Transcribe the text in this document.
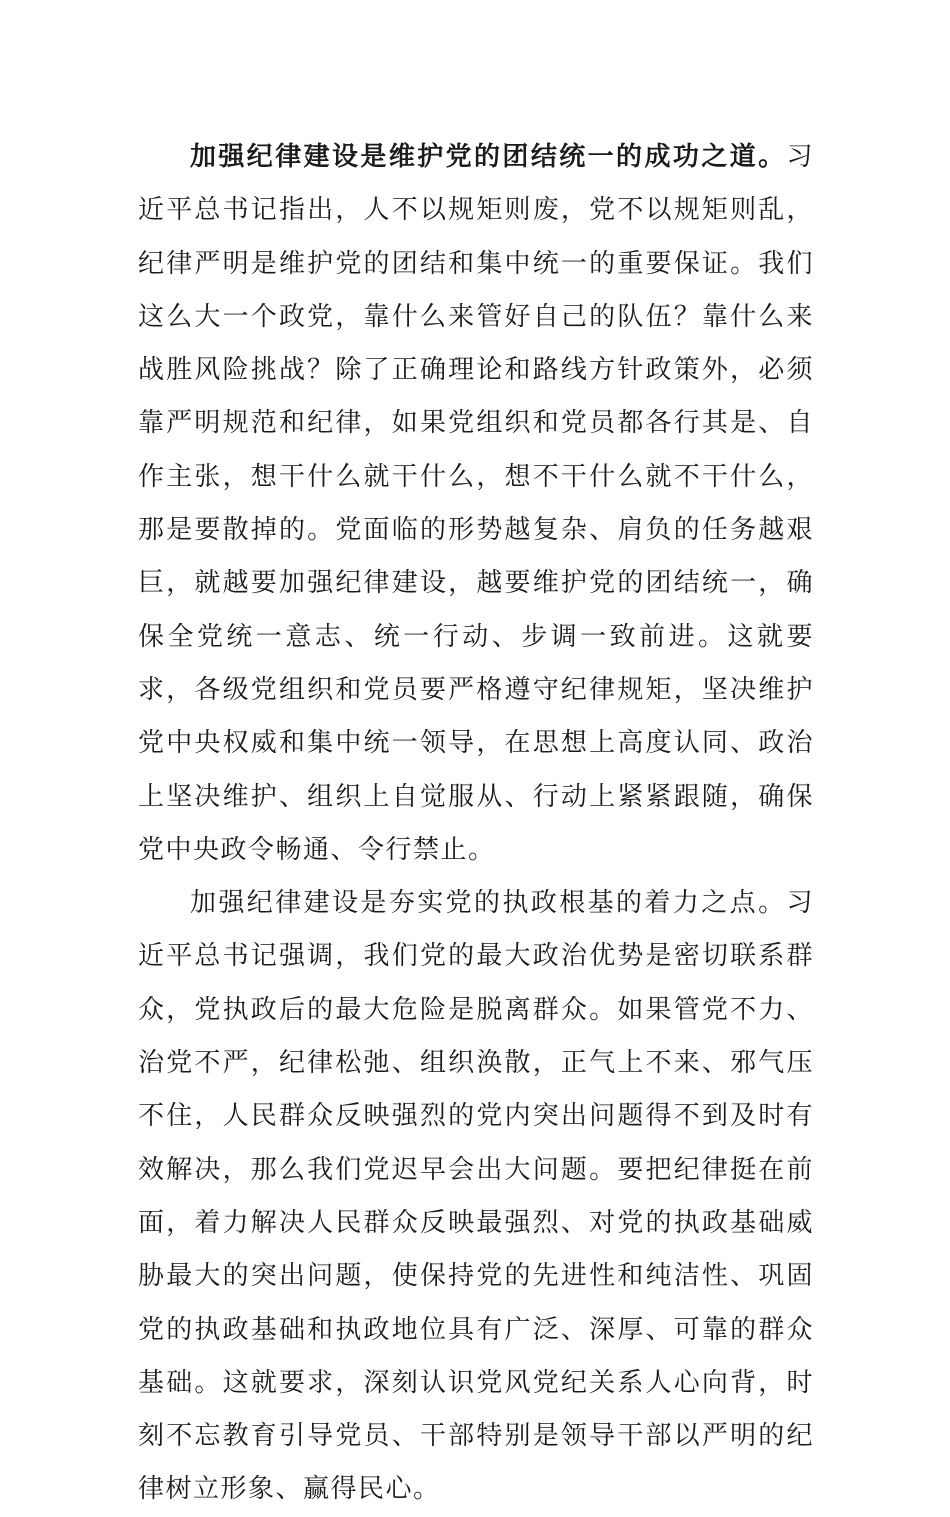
加强纪律建设是维护党的团结统一的成功之道。习近平总书记指出，人不以规矩则废，党不以规矩则乱，纪律严明是维护党的团结和集中统一的重要保证。我们这么大一个政党，靠什么来管好自己的队伍？靠什么来战胜风险挑战？除了正确理论和路线方针政策外，必须靠严明规范和纪律，如果党组织和党员都各行其是、自作主张，想干什么就干什么，想不干什么就不干什么，那是要散掉的。党面临的形势越复杂、肩负的任务越艰巨，就越要加强纪律建设，越要维护党的团结统一，确保全党统一意志、统一行动、步调一致前进。这就要求，各级党组织和党员要严格遵守纪律规矩，坚决维护党中央权威和集中统一领导，在思想上高度认同、政治上坚决维护、组织上自觉服从、行动上紧紧跟随，确保党中央政令畅通、令行禁止。

加强纪律建设是夯实党的执政根基的着力之点。习近平总书记强调，我们党的最大政治优势是密切联系群众，党执政后的最大危险是脱离群众。如果管党不力、治党不严，纪律松弛、组织涣散，正气上不来、邪气压不住，人民群众反映强烈的党内突出问题得不到及时有效解决，那么我们党迟早会出大问题。要把纪律挺在前面，着力解决人民群众反映最强烈、对党的执政基础威胁最大的突出问题，使保持党的先进性和纯洁性、巩固党的执政基础和执政地位具有广泛、深厚、可靠的群众基础。这就要求，深刻认识党风党纪关系人心向背，时刻不忘教育引导党员、干部特别是领导干部以严明的纪律树立形象、赢得民心。
